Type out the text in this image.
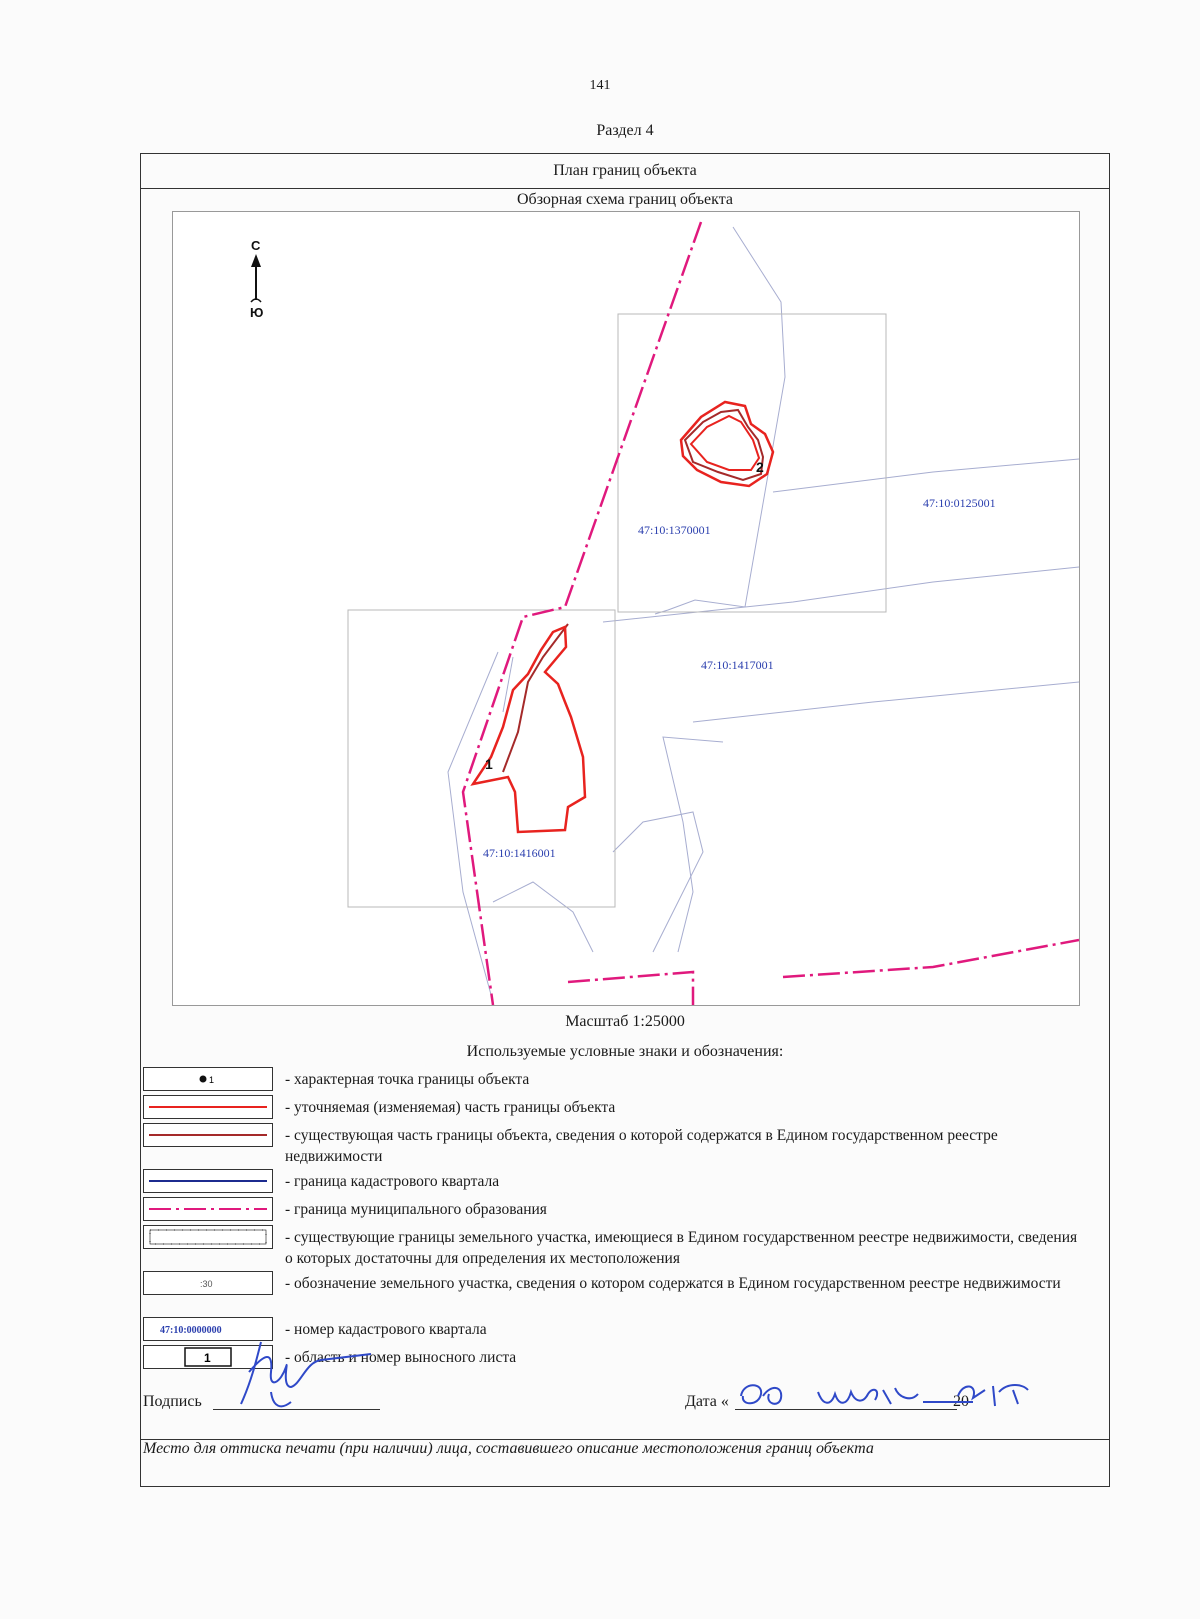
141
Раздел 4
План границ объекта
Обзорная схема границ объекта
47:10:0125001
47:10:1370001
47:10:1417001
47:10:1416001
1
2
С
Ю
Масштаб 1:25000
Используемые условные знаки и обозначения:
1	- характерная точка границы объекта
- уточняемая (изменяемая) часть границы объекта
- существующая часть границы объекта, сведения о которой содержатся в Едином государственном реестре недвижимости
- граница кадастрового квартала
- граница муниципального образования
- существующие границы земельного участка, имеющиеся в Едином государственном реестре недвижимости, сведения о которых достаточны для определения их местоположения
:30	- обозначение земельного участка, сведения о котором содержатся в Едином государственном реестре недвижимости
47:10:0000000	- номер кадастрового квартала
1	- область и номер выносного листа
Подпись	Дата «	20
Место для оттиска печати (при наличии) лица, составившего описание местоположения границ объекта
